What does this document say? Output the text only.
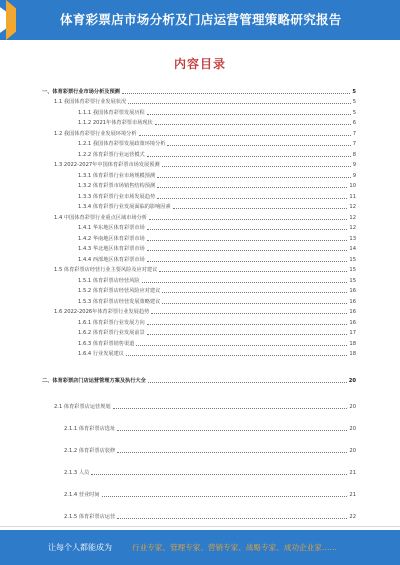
体育彩票店市场分析及门店运营管理策略研究报告
内容目录
一、体育彩票行业市场分析及预测	5
1.1 我国体育彩票行业发展状况	5
1.1.1 我国体育彩票发展历程	5
1.1.2 2021年体育彩票市场现状	6
1.2 我国体育彩票行业发展环境分析	7
1.2.1 我国体育彩票发展政策环境分析	7
1.2.2 体育彩票行业运营模式	8
1.3 2022-2027年中国体育彩票市场发展预测	9
1.3.1 体育彩票行业市场规模预测	9
1.3.2 体育彩票市场销售结构预测	10
1.3.3 体育彩票行业市场发展趋势	11
1.3.4 体育彩票行业发展面临的影响因素	12
1.4 中国体育彩票行业重点区域市场分析	12
1.4.1 华东地区体育彩票市场	12
1.4.2 华南地区体育彩票市场	13
1.4.3 华北地区体育彩票市场	14
1.4.4 西部地区体育彩票市场	15
1.5 体育彩票店经营行业主要风险及应对建议	15
1.5.1 体育彩票店经营风险	15
1.5.2 体育彩票店经营风险应对建议	16
1.5.3 体育彩票店经营发展策略建议	16
1.6 2022-2026年体育彩票行业发展趋势	16
1.6.1 体育彩票行业发展方向	16
1.6.2 体育彩票行业发展前景	17
1.6.3 体育彩票销售渠道	18
1.6.4 行业发展建议	18
二、体育彩票店门店运营管理方案及执行大全	20
2.1 体育彩票店运营规划	20
2.1.1 体育彩票店选址	20
2.1.2 体育彩票店装修	20
2.1.3 人员	21
2.1.4 营业时间	21
2.1.5 体育彩票店运营	22
让每个人都能成为	行业专家、管理专家、营销专家、战略专家、成功企业家……
